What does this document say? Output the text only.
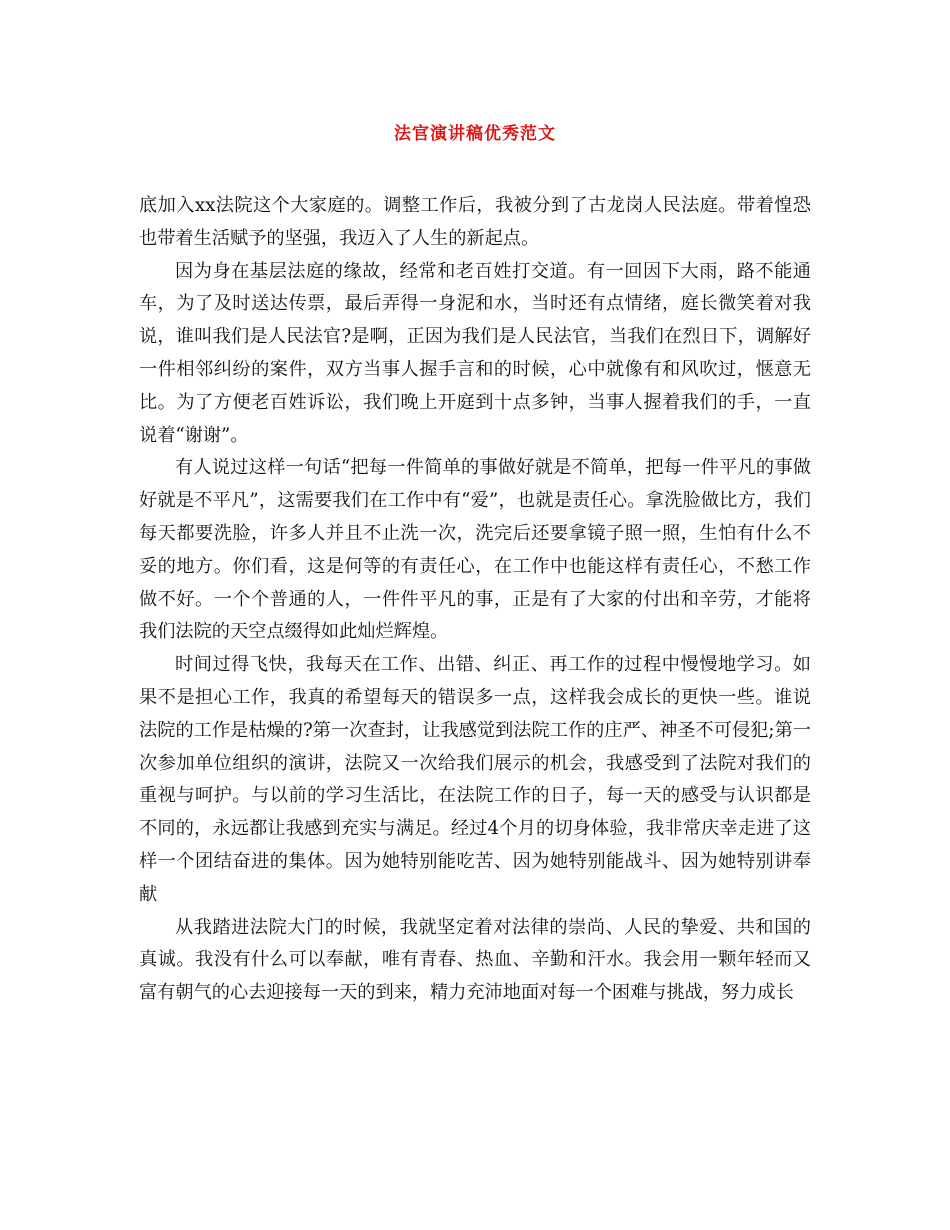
法官演讲稿优秀范文

底加入xx法院这个大家庭的。调整工作后，我被分到了古龙岗人民法庭。带着惶恐也带着生活赋予的坚强，我迈入了人生的新起点。

因为身在基层法庭的缘故，经常和老百姓打交道。有一回因下大雨，路不能通车，为了及时送达传票，最后弄得一身泥和水，当时还有点情绪，庭长微笑着对我说，谁叫我们是人民法官?是啊，正因为我们是人民法官，当我们在烈日下，调解好一件相邻纠纷的案件，双方当事人握手言和的时候，心中就像有和风吹过，惬意无比。为了方便老百姓诉讼，我们晚上开庭到十点多钟，当事人握着我们的手，一直说着“谢谢”。

有人说过这样一句话“把每一件简单的事做好就是不简单，把每一件平凡的事做好就是不平凡”，这需要我们在工作中有“爱”，也就是责任心。拿洗脸做比方，我们每天都要洗脸，许多人并且不止洗一次，洗完后还要拿镜子照一照，生怕有什么不妥的地方。你们看，这是何等的有责任心，在工作中也能这样有责任心，不愁工作做不好。一个个普通的人，一件件平凡的事，正是有了大家的付出和辛劳，才能将我们法院的天空点缀得如此灿烂辉煌。

时间过得飞快，我每天在工作、出错、纠正、再工作的过程中慢慢地学习。如果不是担心工作，我真的希望每天的错误多一点，这样我会成长的更快一些。谁说法院的工作是枯燥的?第一次查封，让我感觉到法院工作的庄严、神圣不可侵犯;第一次参加单位组织的演讲，法院又一次给我们展示的机会，我感受到了法院对我们的重视与呵护。与以前的学习生活比，在法院工作的日子，每一天的感受与认识都是不同的，永远都让我感到充实与满足。经过4个月的切身体验，我非常庆幸走进了这样一个团结奋进的集体。因为她特别能吃苦、因为她特别能战斗、因为她特别讲奉献

从我踏进法院大门的时候，我就坚定着对法律的崇尚、人民的挚爱、共和国的真诚。我没有什么可以奉献，唯有青春、热血、辛勤和汗水。我会用一颗年轻而又富有朝气的心去迎接每一天的到来，精力充沛地面对每一个困难与挑战，努力成长
